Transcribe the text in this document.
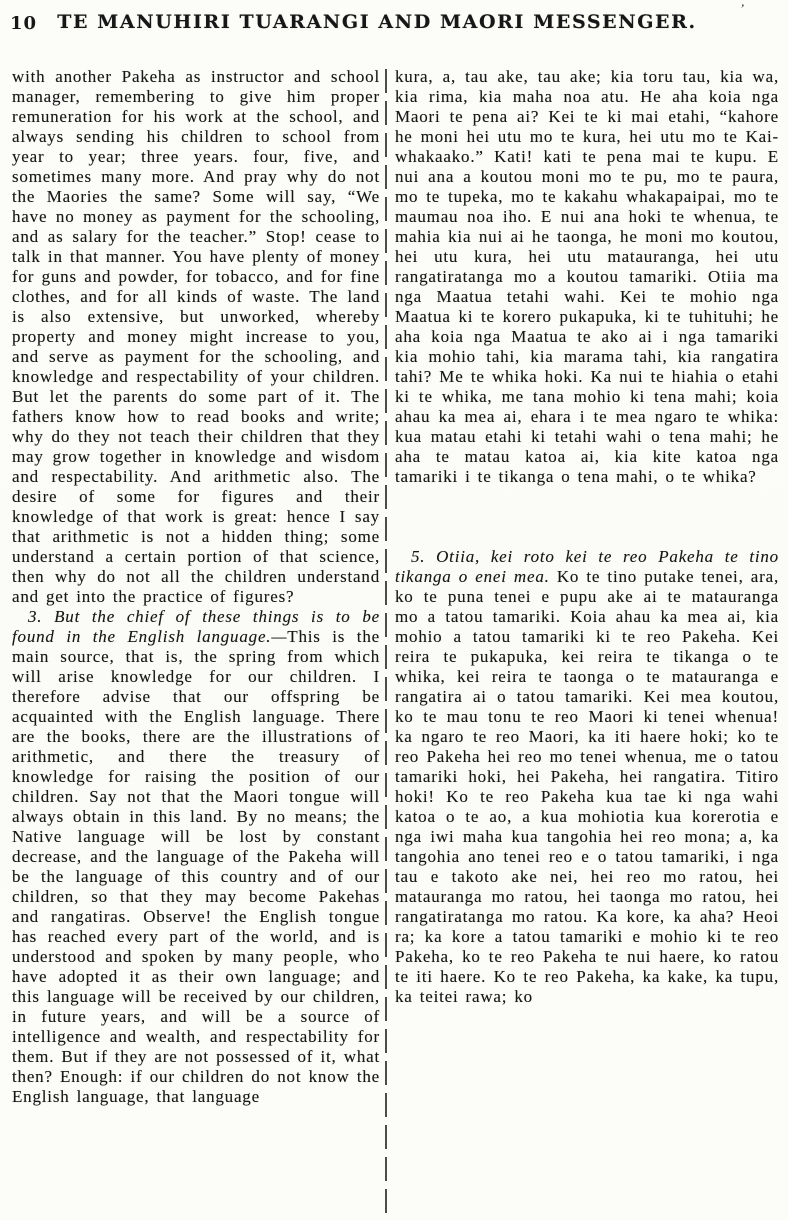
10	TE MANUHIRI TUARANGI AND MAORI MESSENGER.
ʼ

with another Pakeha as instructor and school manager, remembering to give him proper remuneration for his work at the school, and always sending his children to school from year to year; three years. four, five, and sometimes many more. And pray why do not the Maories the same? Some will say, “We have no money as payment for the schooling, and as salary for the teacher.” Stop! cease to talk in that manner. You have plenty of money for guns and powder, for tobacco, and for fine clothes, and for all kinds of waste. The land is also extensive, but unworked, whereby property and money might increase to you, and serve as payment for the schooling, and knowledge and respectability of your children. But let the parents do some part of it. The fathers know how to read books and write; why do they not teach their children that they may grow together in knowledge and wisdom and respectability. And arithmetic also. The desire of some for figures and their knowledge of that work is great: hence I say that arithmetic is not a hidden thing; some understand a certain portion of that science, then why do not all the children understand and get into the practice of figures?

3. But the chief of these things is to be found in the English language.—This is the main source, that is, the spring from which will arise knowledge for our children. I therefore advise that our offspring be acquainted with the English language. There are the books, there are the illustrations of arithmetic, and there the treasury of knowledge for raising the position of our children. Say not that the Maori tongue will always obtain in this land. By no means; the Native language will be lost by constant decrease, and the language of the Pakeha will be the language of this country and of our children, so that they may become Pakehas and rangatiras. Observe! the English tongue has reached every part of the world, and is understood and spoken by many people, who have adopted it as their own language; and this language will be received by our children, in future years, and will be a source of intelligence and wealth, and respectability for them. But if they are not possessed of it, what then? Enough: if our children do not know the English language, that language

kura, a, tau ake, tau ake; kia toru tau, kia wa, kia rima, kia maha noa atu. He aha koia nga Maori te pena ai? Kei te ki mai etahi, “kahore he moni hei utu mo te kura, hei utu mo te Kai-whakaako.” Kati! kati te pena mai te kupu. E nui ana a koutou moni mo te pu, mo te paura, mo te tupeka, mo te kakahu whakapaipai, mo te maumau noa iho. E nui ana hoki te whenua, te mahia kia nui ai he taonga, he moni mo koutou, hei utu kura, hei utu matauranga, hei utu rangatiratanga mo a koutou tamariki. Otiia ma nga Maatua tetahi wahi. Kei te mohio nga Maatua ki te korero pukapuka, ki te tuhituhi; he aha koia nga Maatua te ako ai i nga tamariki kia mohio tahi, kia marama tahi, kia rangatira tahi? Me te whika hoki. Ka nui te hiahia o etahi ki te whika, me tana mohio ki tena mahi; koia ahau ka mea ai, ehara i te mea ngaro te whika: kua matau etahi ki tetahi wahi o tena mahi; he aha te matau katoa ai, kia kite katoa nga tamariki i te tikanga o tena mahi, o te whika?

5. Otiia, kei roto kei te reo Pakeha te tino tikanga o enei mea. Ko te tino putake tenei, ara, ko te puna tenei e pupu ake ai te matauranga mo a tatou tamariki. Koia ahau ka mea ai, kia mohio a tatou tamariki ki te reo Pakeha. Kei reira te pukapuka, kei reira te tikanga o te whika, kei reira te taonga o te matauranga e rangatira ai o tatou tamariki. Kei mea koutou, ko te mau tonu te reo Maori ki tenei whenua! ka ngaro te reo Maori, ka iti haere hoki; ko te reo Pakeha hei reo mo tenei whenua, me o tatou tamariki hoki, hei Pakeha, hei rangatira. Titiro hoki! Ko te reo Pakeha kua tae ki nga wahi katoa o te ao, a kua mohiotia kua korerotia e nga iwi maha kua tangohia hei reo mona; a, ka tangohia ano tenei reo e o tatou tamariki, i nga tau e takoto ake nei, hei reo mo ratou, hei matauranga mo ratou, hei taonga mo ratou, hei rangatiratanga mo ratou. Ka kore, ka aha? Heoi ra; ka kore a tatou tamariki e mohio ki te reo Pakeha, ko te reo Pakeha te nui haere, ko ratou te iti haere. Ko te reo Pakeha, ka kake, ka tupu, ka teitei rawa; ko
